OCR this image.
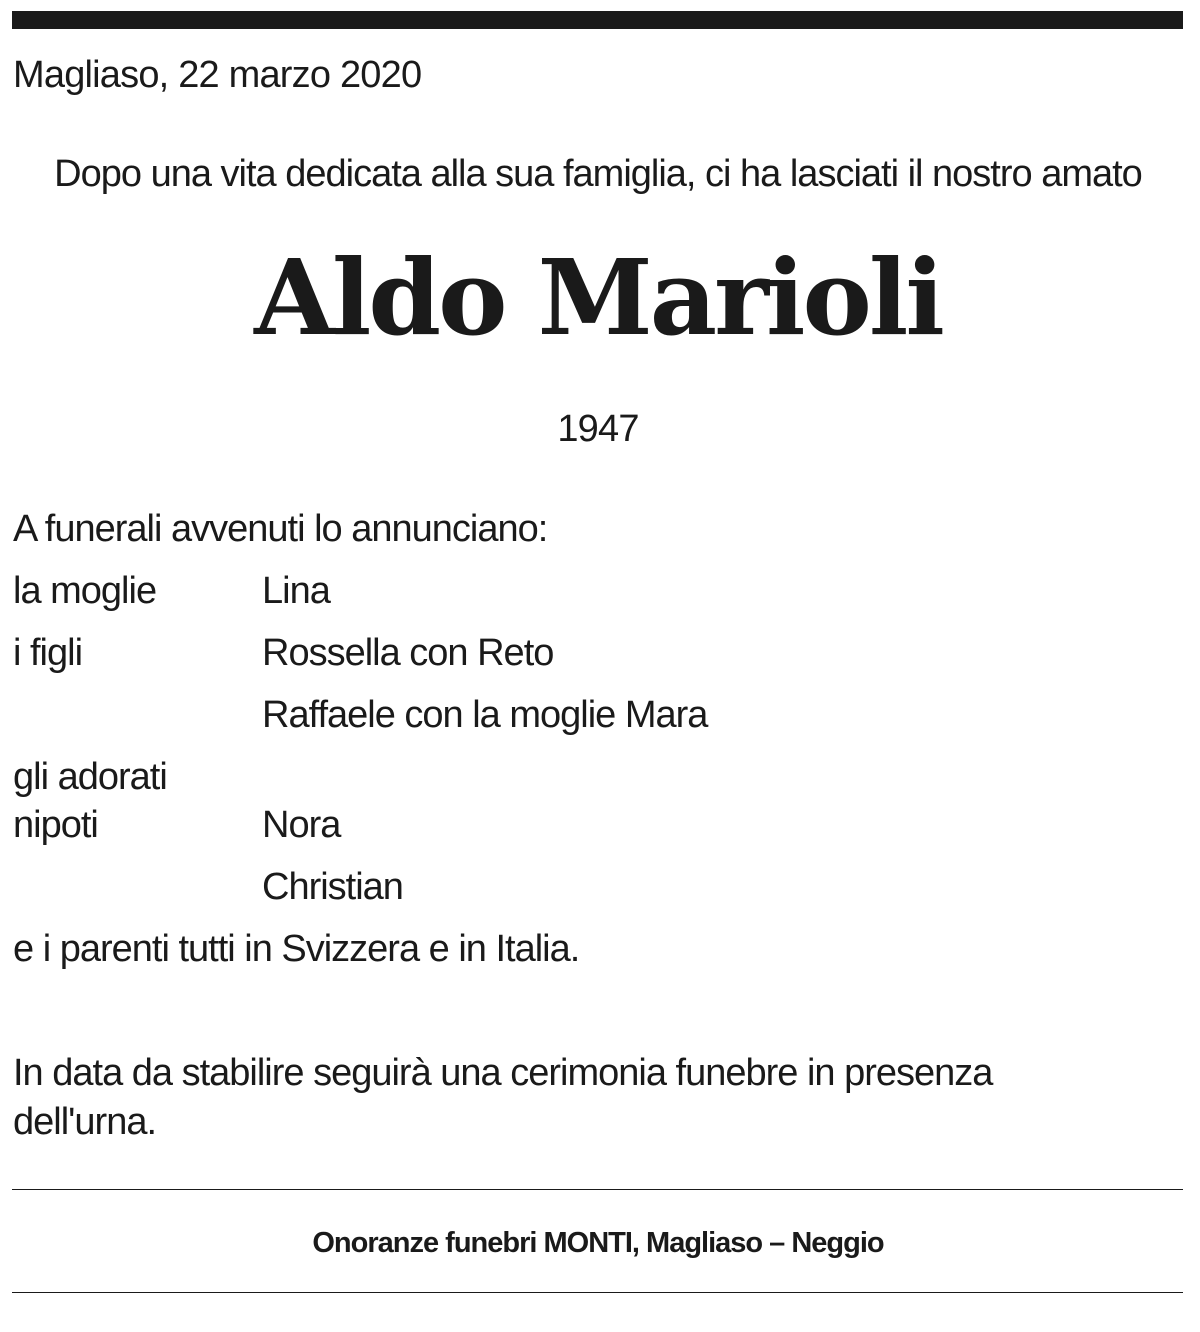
Magliaso, 22 marzo 2020
Dopo una vita dedicata alla sua famiglia, ci ha lasciati il nostro amato
Aldo Marioli
1947
A funerali avvenuti lo annunciano:
la moglie	Lina
i figli	Rossella con Reto
Raffaele con la moglie Mara
gli adorati
nipoti	Nora
Christian
e i parenti tutti in Svizzera e in Italia.
In data da stabilire seguirà una cerimonia funebre in presenza dell'urna.
Onoranze funebri MONTI, Magliaso – Neggio
